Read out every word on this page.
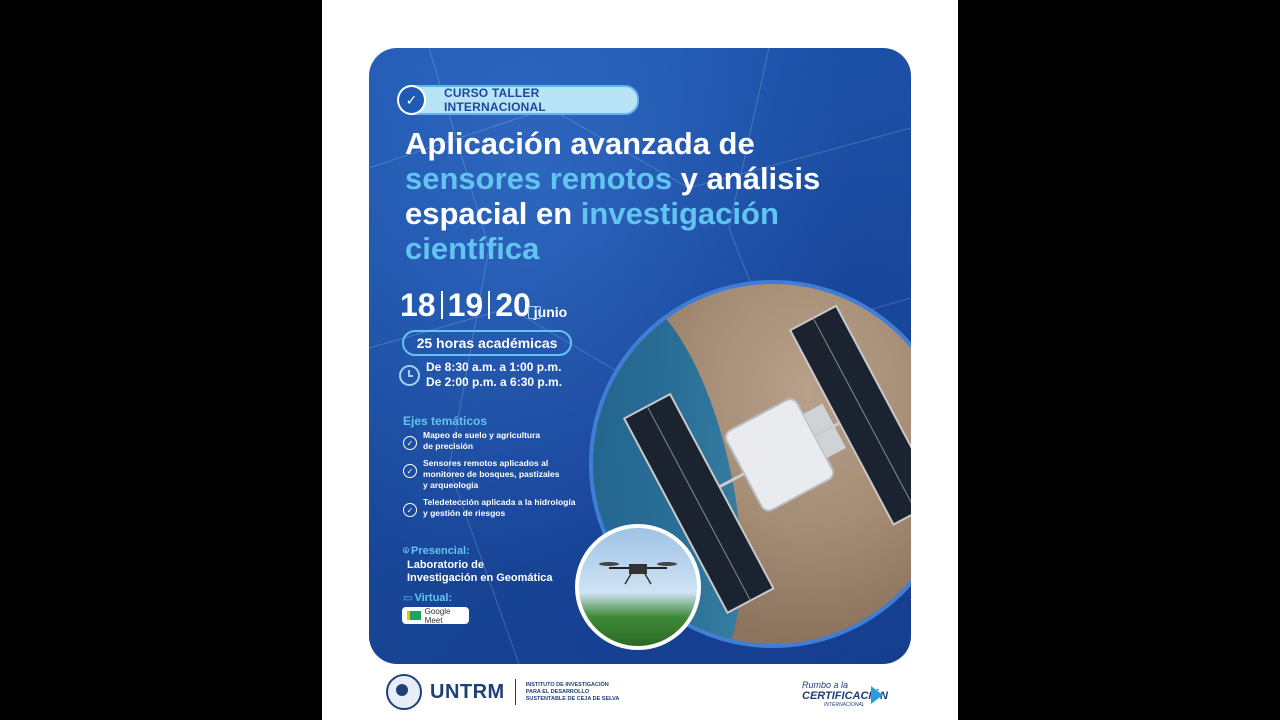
✓	CURSO TALLER INTERNACIONAL
Aplicación avanzada de
sensores remotos y análisis
espacial en investigación
científica
18 19 20 junio
25 horas académicas
De 8:30 a.m. a 1:00 p.m.
De 2:00 p.m. a 6:30 p.m.
Ejes temáticos
✓
Mapeo de suelo y agricultura
de precisión
✓
Sensores remotos aplicados al
monitoreo de bosques, pastizales
y arqueología
✓
Teledetección aplicada a la hidrología
y gestión de riesgos
⌾ Presencial:
Laboratorio de
Investigación en Geomática
▭ Virtual:
Google Meet
UNTRM	INSTITUTO DE INVESTIGACIÓN
PARA EL DESARROLLO
SUSTENTABLE DE CEJA DE SELVA
Rumbo a la
CERTIFICACIÓN
INTERNACIONAL
